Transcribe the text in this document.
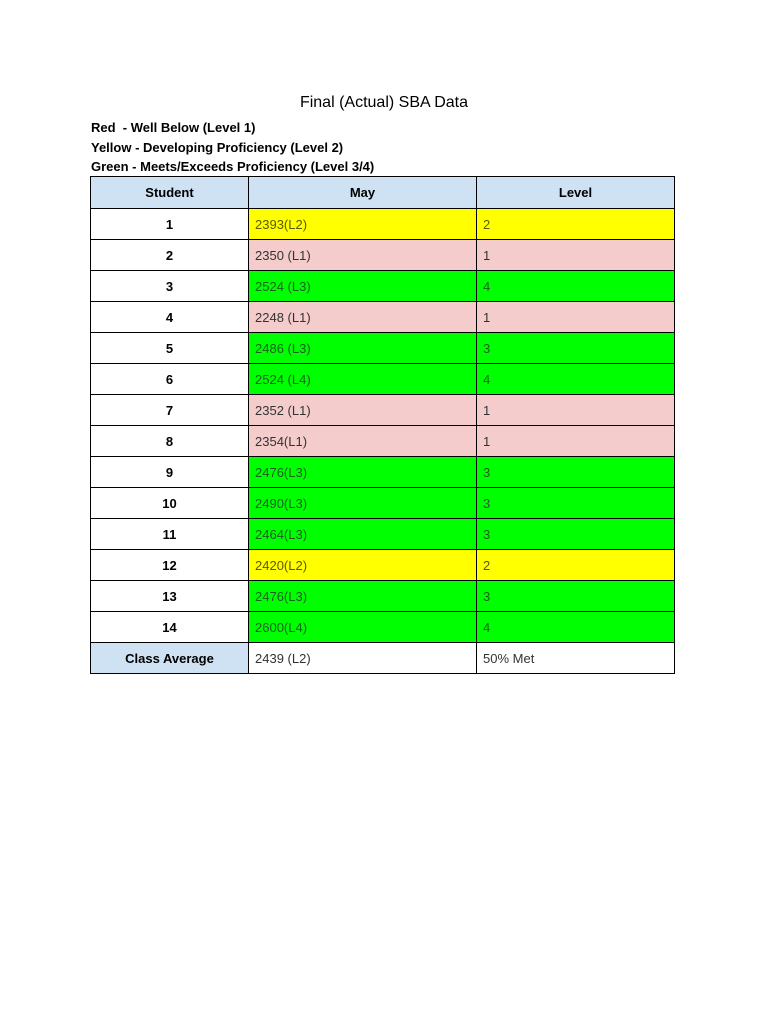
Final (Actual) SBA Data
Red  - Well Below (Level 1)
Yellow - Developing Proficiency (Level 2)
Green - Meets/Exceeds Proficiency (Level 3/4)
Student	May	Level
1	2393(L2)	2
2	2350 (L1)	1
3	2524 (L3)	4
4	2248 (L1)	1
5	2486 (L3)	3
6	2524 (L4)	4
7	2352 (L1)	1
8	2354(L1)	1
9	2476(L3)	3
10	2490(L3)	3
11	2464(L3)	3
12	2420(L2)	2
13	2476(L3)	3
14	2600(L4)	4
Class Average	2439 (L2)	50% Met
